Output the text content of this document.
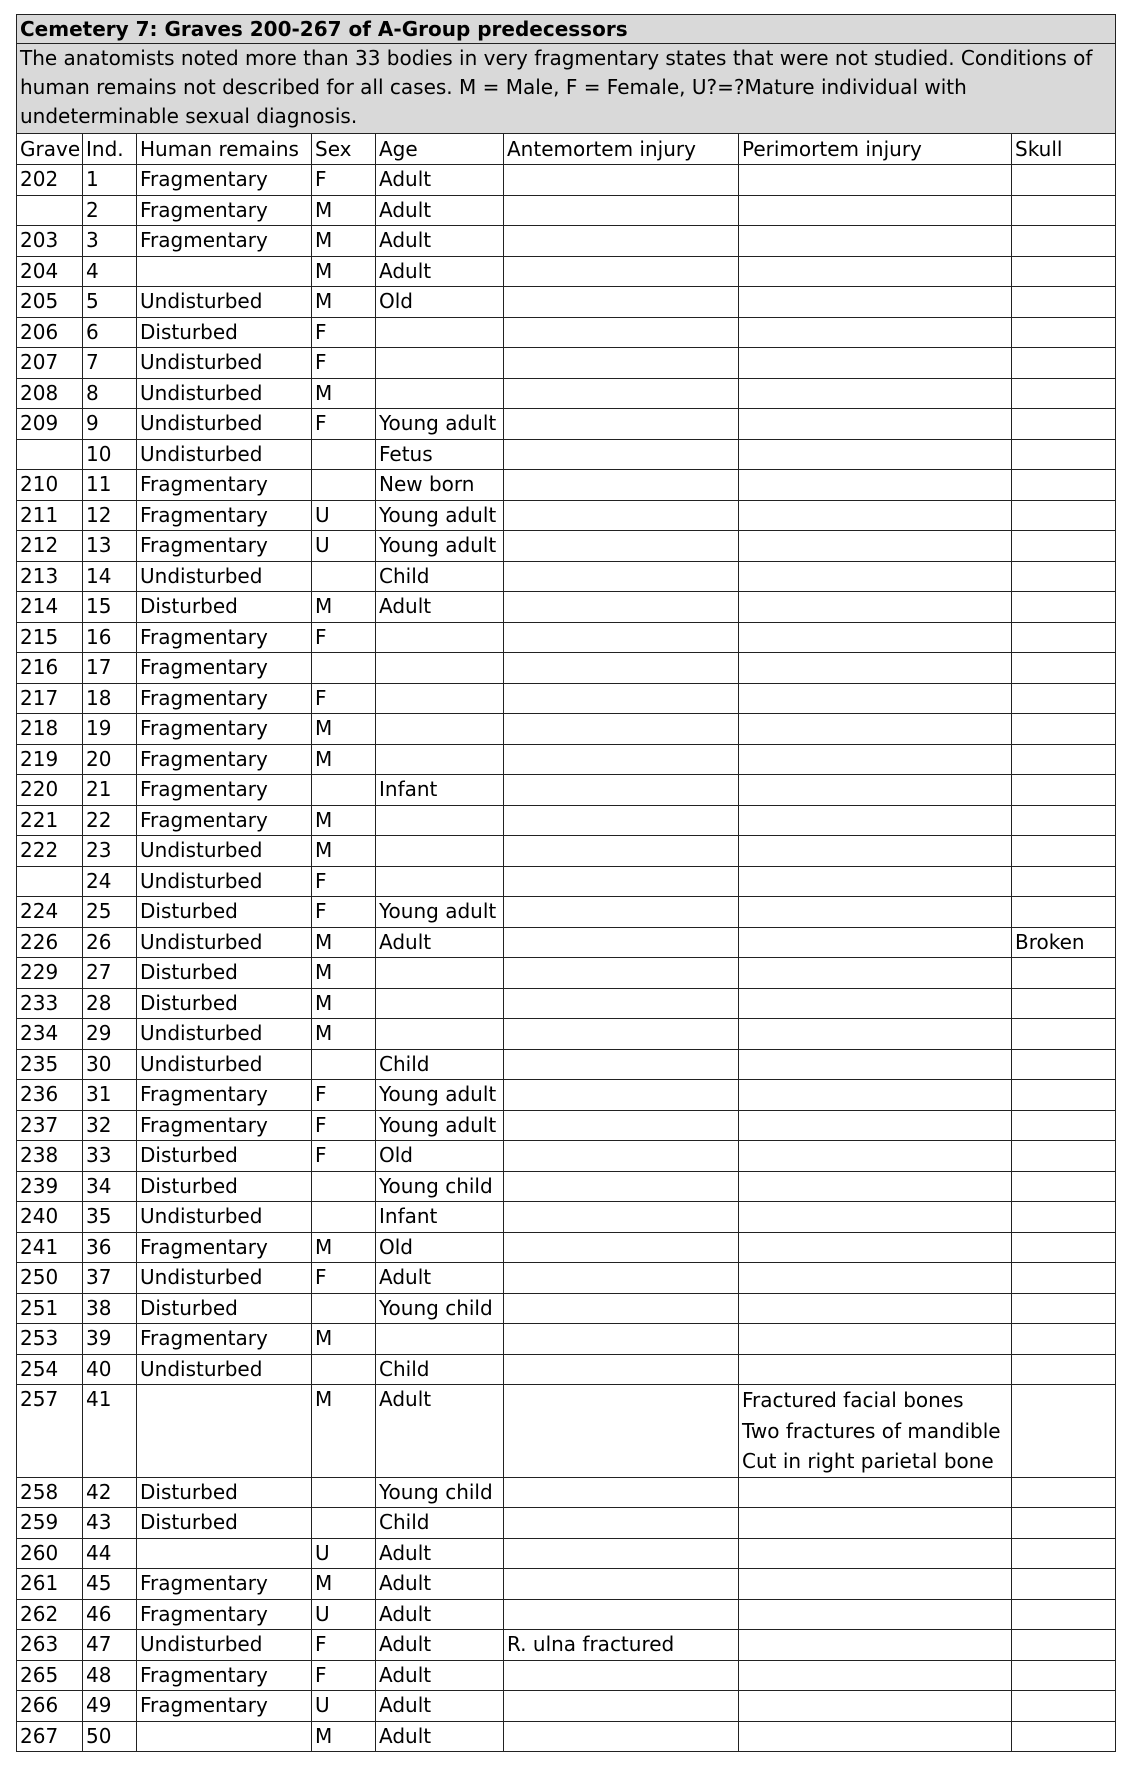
Cemetery 7: Graves 200-267 of A-Group predecessors							
The anatomists noted more than 33 bodies in very fragmentary states that were not studied. Conditions of human remains not described for all cases. M = Male, F = Female, U?=?Mature individual with undeterminable sexual diagnosis.							
Grave	Ind.	Human remains	Sex	Age	Antemortem injury	Perimortem injury	Skull
202	1	Fragmentary	F	Adult			
	2	Fragmentary	M	Adult			
203	3	Fragmentary	M	Adult			
204	4		M	Adult			
205	5	Undisturbed	M	Old			
206	6	Disturbed	F				
207	7	Undisturbed	F				
208	8	Undisturbed	M				
209	9	Undisturbed	F	Young adult			
	10	Undisturbed		Fetus			
210	11	Fragmentary		New born			
211	12	Fragmentary	U	Young adult			
212	13	Fragmentary	U	Young adult			
213	14	Undisturbed		Child			
214	15	Disturbed	M	Adult			
215	16	Fragmentary	F				
216	17	Fragmentary					
217	18	Fragmentary	F				
218	19	Fragmentary	M				
219	20	Fragmentary	M				
220	21	Fragmentary		Infant			
221	22	Fragmentary	M				
222	23	Undisturbed	M				
	24	Undisturbed	F				
224	25	Disturbed	F	Young adult			
226	26	Undisturbed	M	Adult			Broken
229	27	Disturbed	M				
233	28	Disturbed	M				
234	29	Undisturbed	M				
235	30	Undisturbed		Child			
236	31	Fragmentary	F	Young adult			
237	32	Fragmentary	F	Young adult			
238	33	Disturbed	F	Old			
239	34	Disturbed		Young child			
240	35	Undisturbed		Infant			
241	36	Fragmentary	M	Old			
250	37	Undisturbed	F	Adult			
251	38	Disturbed		Young child			
253	39	Fragmentary	M				
254	40	Undisturbed		Child			
257	41		M	Adult		Fractured facial bones
Two fractures of mandible
Cut in right parietal bone	

258	42	Disturbed		Young child			
259	43	Disturbed		Child			
260	44		U	Adult			
261	45	Fragmentary	M	Adult			
262	46	Fragmentary	U	Adult			
263	47	Undisturbed	F	Adult	R. ulna fractured		
265	48	Fragmentary	F	Adult			
266	49	Fragmentary	U	Adult			
267	50		M	Adult			
